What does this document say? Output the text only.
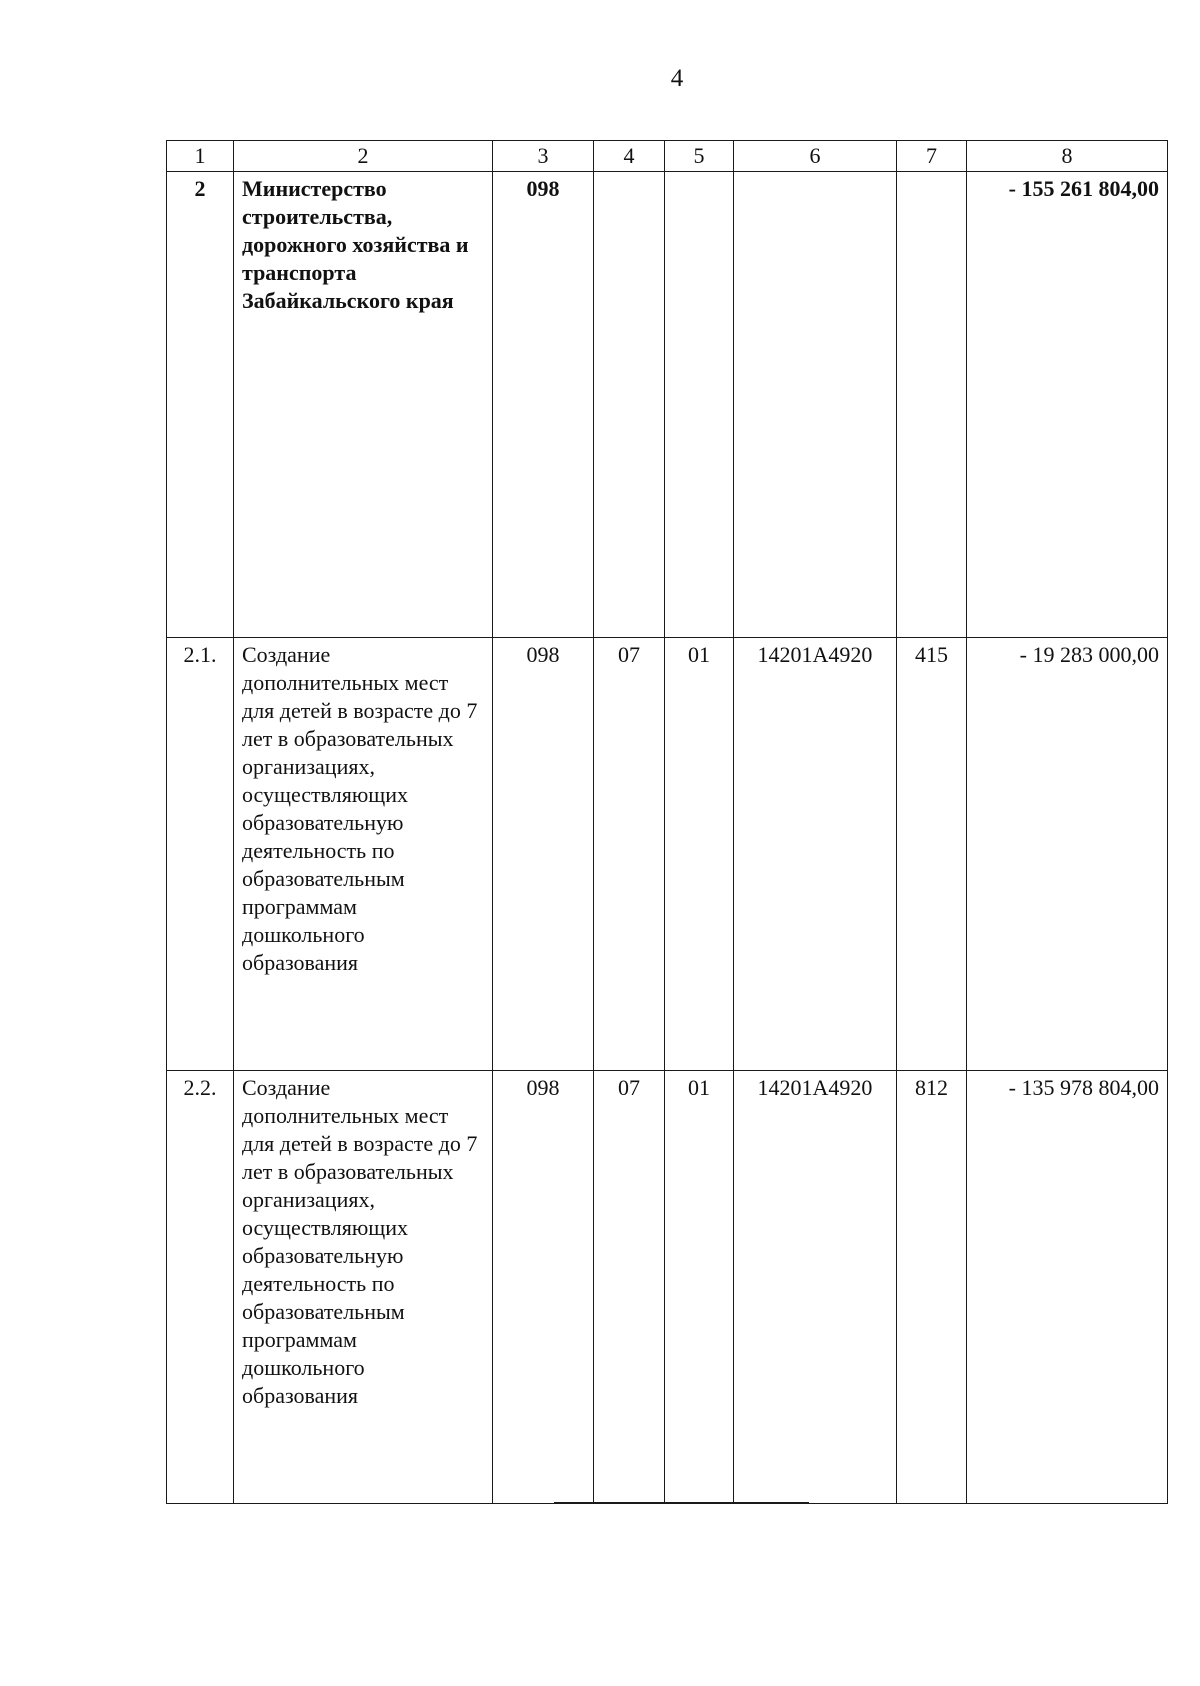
4
1	2	3	4	5	6	7	8
2	Министерство строительства, дорожного хозяйства и транспорта Забайкальского края	098					- 155 261 804,00
2.1.	Создание дополнительных мест для детей в возрасте до 7 лет в образовательных организациях, осуществляющих образовательную деятельность по образовательным программам дошкольного образования	098	07	01	14201A4920	415	- 19 283 000,00
2.2.	Создание дополнительных мест для детей в возрасте до 7 лет в образовательных организациях, осуществляющих образовательную деятельность по образовательным программам дошкольного образования	098	07	01	14201A4920	812	- 135 978 804,00
